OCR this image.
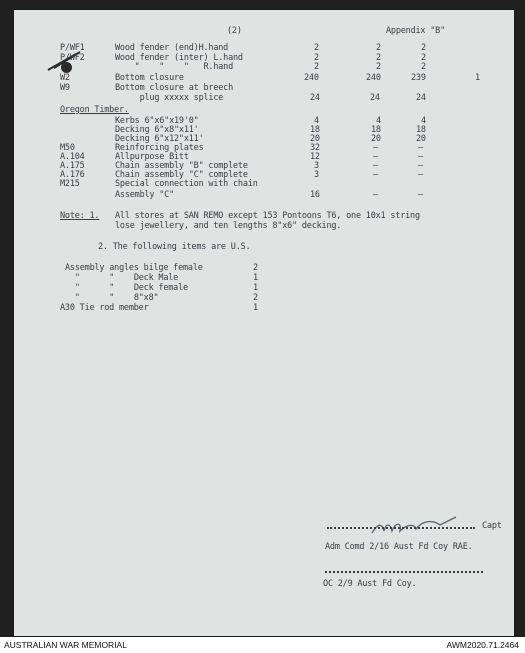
(2)	Appendix "B"
P/WF1	Wood fender (end)H.hand	2	2	2
P/WF2	Wood fender (inter) L.hand	2	2	2
"    "    "   R.hand	2	2	2
W2	Bottom closure	240	240	239	1
W9	Bottom closure at breech
plug xxxxx splice	24	24	24
Oregon Timber.
Kerbs 6"x6"x19'0"	4	4	4
Decking 6"x8"x11'	18	18	18
Decking 6"x12"x11'	20	20	20
M50	Reinforcing plates	32	—	—
A.104	Allpurpose Bitt	12	—	—
A.175	Chain assembly "B" complete	3	—	—
A.176	Chain assembly "C" complete	3	—	—
M215	Special connection with chain
Assembly "C"	16	—	—
Note: 1. All stores at SAN REMO except 153 Pontoons T6, one 10x1 string
lose jewellery, and ten lengths 8"x6" decking.
2. The following items are U.S.
Assembly angles bilge female	2
"      "    Deck Male	1
"      "    Deck female	1
"      "    8"x8"	2
A30 Tie rod member	1
Capt
Adm Comd 2/16 Aust Fd Coy RAE.
OC 2/9 Aust Fd Coy.
AUSTRALIAN WAR MEMORIAL	AWM2020.71.2464
